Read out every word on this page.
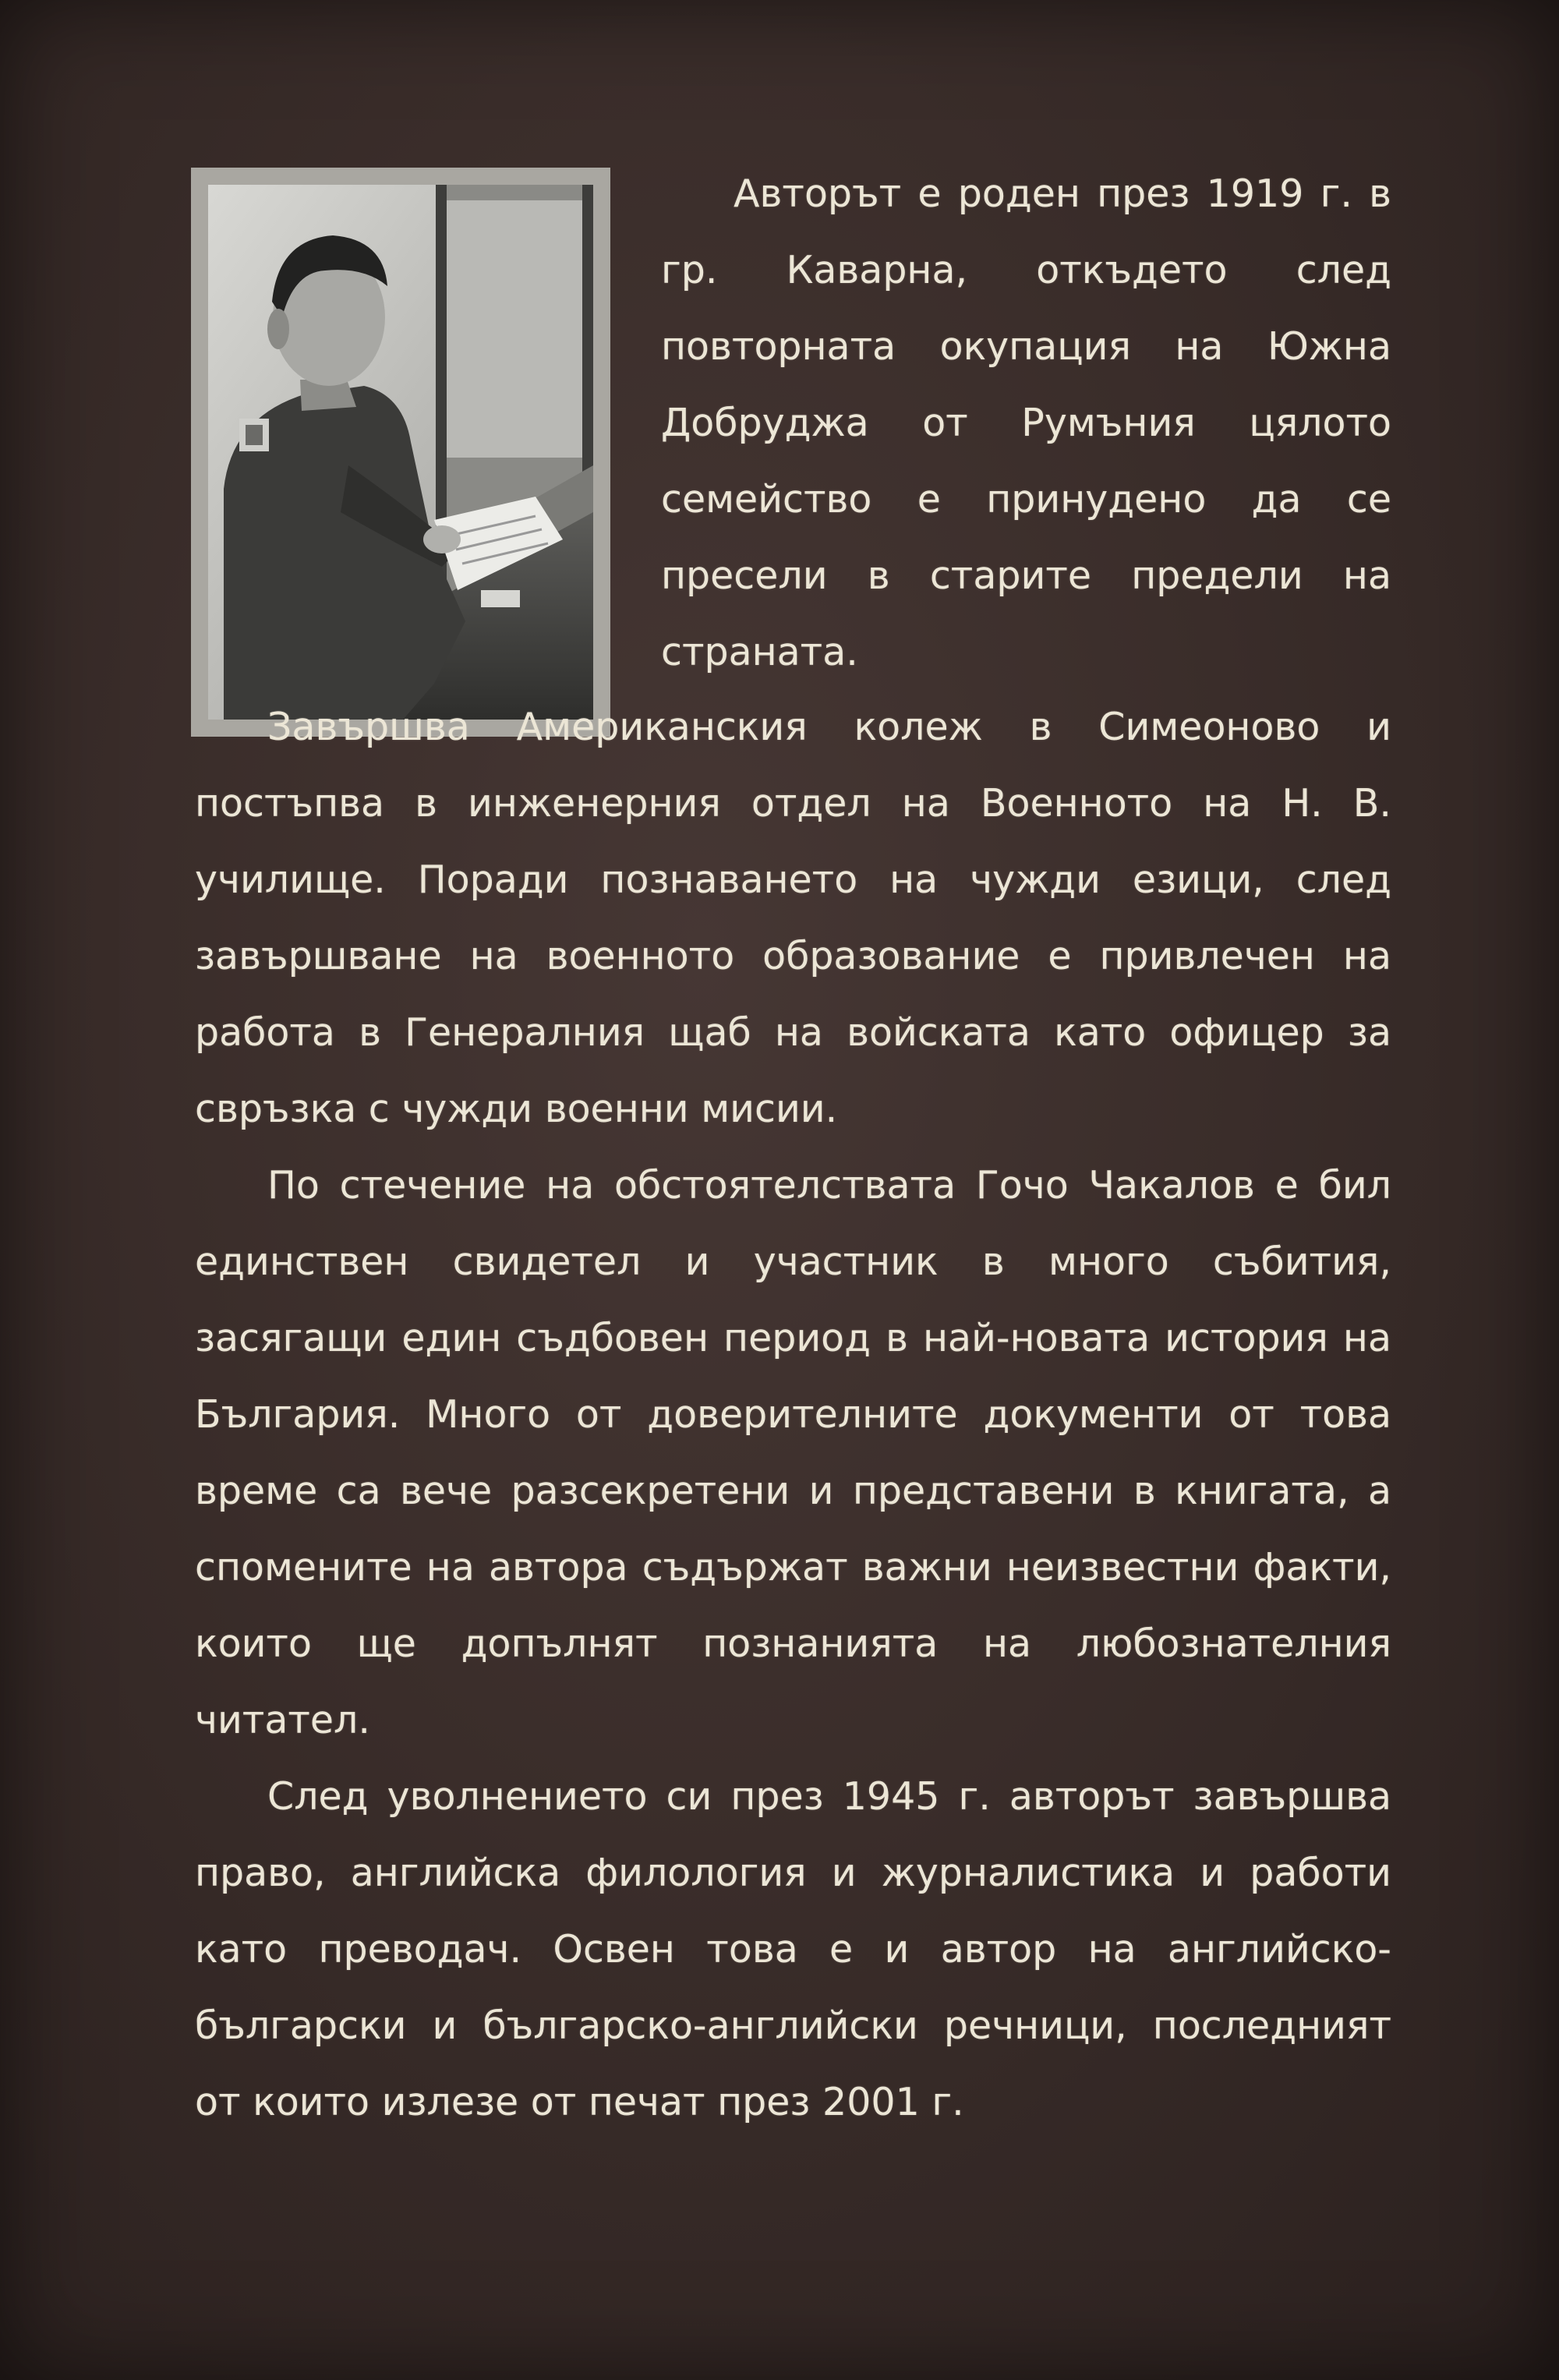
Авторът е роден през 1919 г. в гр. Каварна, откъдето след повторната окупация на Южна Добруджа от Румъния цялото семейство е принудено да се пресели в старите предели на страната.

Завършва Американския колеж в Симеоново и постъпва в инженерния отдел на Военното на Н. В. училище. Поради познаването на чужди езици, след завършване на военното образование е привлечен на работа в Генералния щаб на войската като офицер за свръзка с чужди военни мисии.

По стечение на обстоятелствата Гочо Чакалов е бил единствен свидетел и участник в много събития, засягащи един съдбовен период в най-новата история на България. Много от доверителните документи от това време са вече разсекретени и представени в книгата, а спомените на автора съдържат важни неизвестни факти, които ще допълнят познанията на любознателния читател.

След уволнението си през 1945 г. авторът завършва право, английска филология и журналистика и работи като преводач. Освен това е и автор на английско-български и българско-английски речници, последният от които излезе от печат през 2001 г.
